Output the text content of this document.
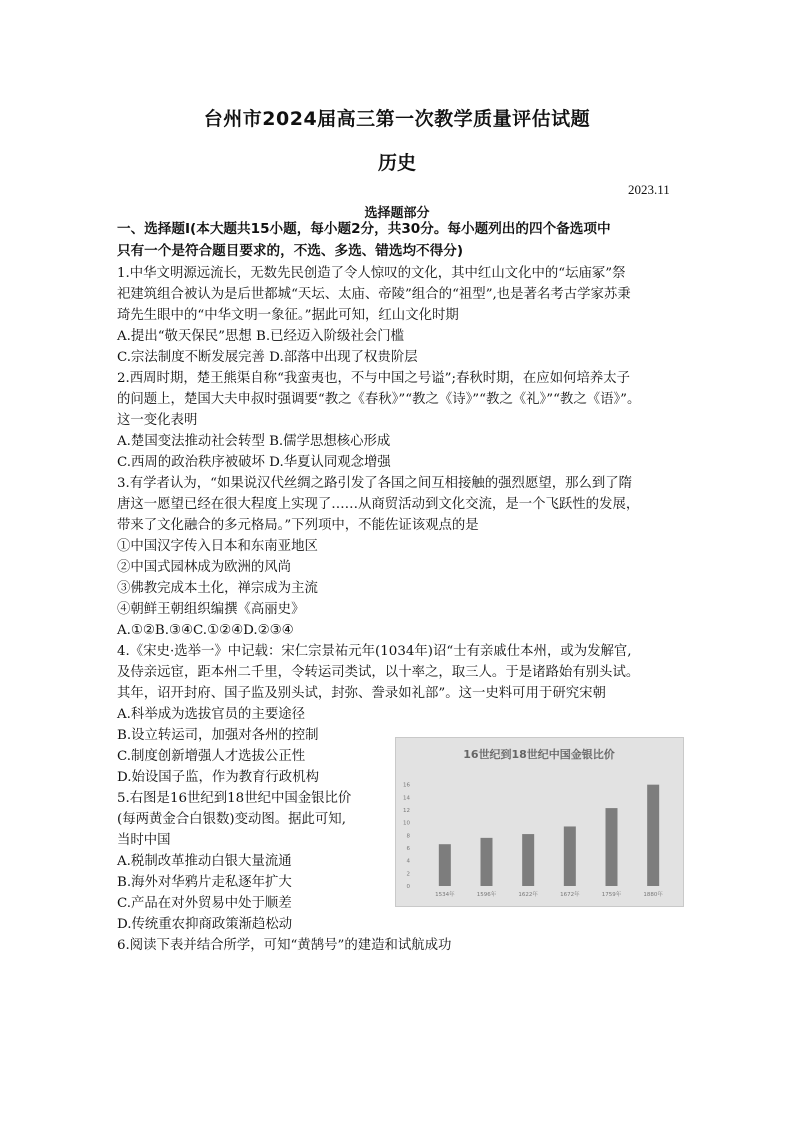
台州市2024届高三第一次教学质量评估试题
历史
2023.11
选择题部分
一、选择题Ⅰ(本大题共15小题，每小题2分，共30分。每小题列出的四个备选项中
只有一个是符合题目要求的，不选、多选、错选均不得分)
1.中华文明源远流长，无数先民创造了令人惊叹的文化，其中红山文化中的“坛庙冢”祭
祀建筑组合被认为是后世都城“天坛、太庙、帝陵”组合的“祖型”,也是著名考古学家苏秉
琦先生眼中的“中华文明一象征。”据此可知，红山文化时期
A.提出“敬天保民”思想 B.已经迈入阶级社会门槛
C.宗法制度不断发展完善 D.部落中出现了权贵阶层
2.西周时期，楚王熊渠自称“我蛮夷也，不与中国之号谥”;春秋时期，在应如何培养太子
的问题上，楚国大夫申叔时强调要“教之《春秋》”“教之《诗》”“教之《礼》”“教之《语》”。
这一变化表明
A.楚国变法推动社会转型 B.儒学思想核心形成
C.西周的政治秩序被破坏 D.华夏认同观念增强
3.有学者认为，“如果说汉代丝绸之路引发了各国之间互相接触的强烈愿望，那么到了隋
唐这一愿望已经在很大程度上实现了……从商贸活动到文化交流，是一个飞跃性的发展，
带来了文化融合的多元格局。”下列项中，不能佐证该观点的是
①中国汉字传入日本和东南亚地区
②中国式园林成为欧洲的风尚
③佛教完成本土化，禅宗成为主流
④朝鲜王朝组织编撰《高丽史》
A.①②B.③④C.①②④D.②③④
4.《宋史·选举一》中记载：宋仁宗景祐元年(1034年)诏“士有亲戚仕本州，或为发解官,
及侍亲远宦，距本州二千里，令转运司类试，以十率之，取三人。于是诸路始有别头试。
其年，诏开封府、国子监及别头试，封弥、誊录如礼部”。这一史料可用于研究宋朝
A.科举成为选拔官员的主要途径
B.设立转运司，加强对各州的控制
C.制度创新增强人才选拔公正性
D.始设国子监，作为教育行政机构
5.右图是16世纪到18世纪中国金银比价
(每两黄金合白银数)变动图。据此可知,
当时中国
A.税制改革推动白银大量流通
B.海外对华鸦片走私逐年扩大
C.产品在对外贸易中处于顺差
D.传统重农抑商政策渐趋松动
6.阅读下表并结合所学，可知“黄鹄号”的建造和试航成功
16世纪到18世纪中国金银比价
0
2
4
6
8
10
12
14
16
1534年	1596年	1622年	1672年	1759年	1880年
